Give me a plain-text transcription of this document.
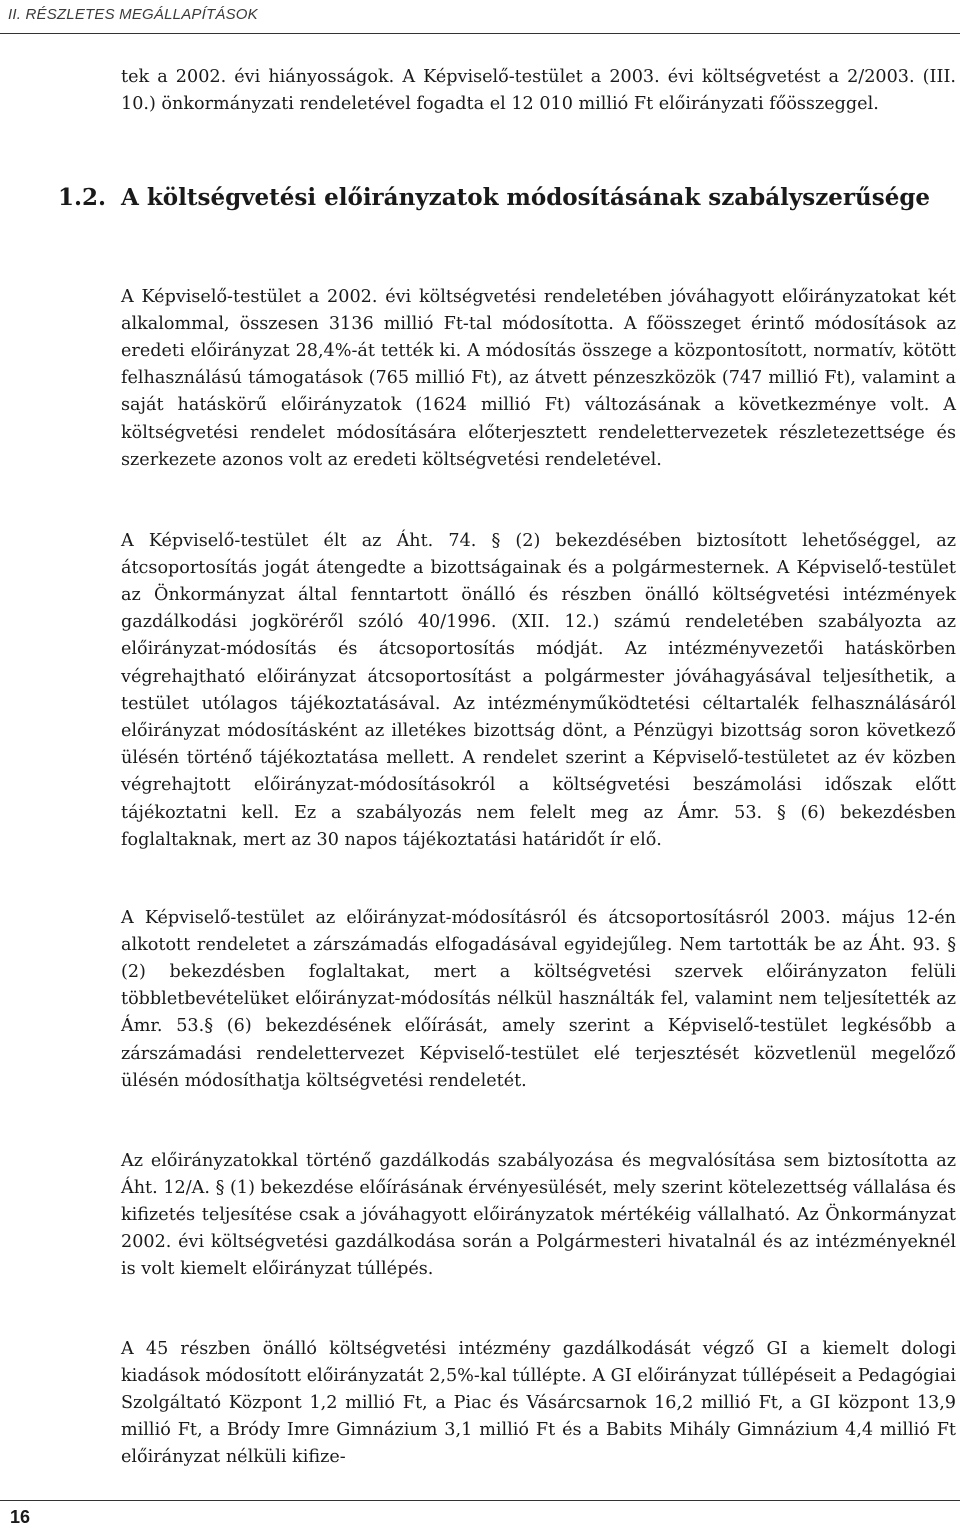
II. RÉSZLETES MEGÁLLAPÍTÁSOK

tek a 2002. évi hiányosságok. A Képviselő-testület a 2003. évi költségvetést a 2/2003. (III. 10.) önkormányzati rendeletével fogadta el 12 010 millió Ft előirányzati főösszeggel.

1.2. A költségvetési előirányzatok módosításának szabályszerűsége

A Képviselő-testület a 2002. évi költségvetési rendeletében jóváhagyott előirányzatokat két alkalommal, összesen 3136 millió Ft-tal módosította. A főösszeget érintő módosítások az eredeti előirányzat 28,4%-át tették ki. A módosítás összege a központosított, normatív, kötött felhasználású támogatások (765 millió Ft), az átvett pénzeszközök (747 millió Ft), valamint a saját hatáskörű előirányzatok (1624 millió Ft) változásának a következménye volt. A költségvetési rendelet módosítására előterjesztett rendelettervezetek részletezettsége és szerkezete azonos volt az eredeti költségvetési rendeletével.

A Képviselő-testület élt az Áht. 74. § (2) bekezdésében biztosított lehetőséggel, az átcsoportosítás jogát átengedte a bizottságainak és a polgármesternek. A Képviselő-testület az Önkormányzat által fenntartott önálló és részben önálló költségvetési intézmények gazdálkodási jogköréről szóló 40/1996. (XII. 12.) számú rendeletében szabályozta az előirányzat-módosítás és átcsoportosítás módját. Az intézményvezetői hatáskörben végrehajtható előirányzat átcsoportosítást a polgármester jóváhagyásával teljesíthetik, a testület utólagos tájékoztatásával. Az intézményműködtetési céltartalék felhasználásáról előirányzat módosításként az illetékes bizottság dönt, a Pénzügyi bizottság soron következő ülésén történő tájékoztatása mellett. A rendelet szerint a Képviselő-testületet az év közben végrehajtott előirányzat-módosításokról a költségvetési beszámolási időszak előtt tájékoztatni kell. Ez a szabályozás nem felelt meg az Ámr. 53. § (6) bekezdésben foglaltaknak, mert az 30 napos tájékoztatási határidőt ír elő.

A Képviselő-testület az előirányzat-módosításról és átcsoportosításról 2003. május 12-én alkotott rendeletet a zárszámadás elfogadásával egyidejűleg. Nem tartották be az Áht. 93. § (2) bekezdésben foglaltakat, mert a költségvetési szervek előirányzaton felüli többletbevételüket előirányzat-módosítás nélkül használták fel, valamint nem teljesítették az Ámr. 53.§ (6) bekezdésének előírását, amely szerint a Képviselő-testület legkésőbb a zárszámadási rendelettervezet Képviselő-testület elé terjesztését közvetlenül megelőző ülésén módosíthatja költségvetési rendeletét.

Az előirányzatokkal történő gazdálkodás szabályozása és megvalósítása sem biztosította az Áht. 12/A. § (1) bekezdése előírásának érvényesülését, mely szerint kötelezettség vállalása és kifizetés teljesítése csak a jóváhagyott előirányzatok mértékéig vállalható. Az Önkormányzat 2002. évi költségvetési gazdálkodása során a Polgármesteri hivatalnál és az intézményeknél is volt kiemelt előirányzat túllépés.

A 45 részben önálló költségvetési intézmény gazdálkodását végző GI a kiemelt dologi kiadások módosított előirányzatát 2,5%-kal túllépte. A GI előirányzat túllépéseit a Pedagógiai Szolgáltató Központ 1,2 millió Ft, a Piac és Vásárcsarnok 16,2 millió Ft, a GI központ 13,9 millió Ft, a Bródy Imre Gimnázium 3,1 millió Ft és a Babits Mihály Gimnázium 4,4 millió Ft előirányzat nélküli kifize-

16
